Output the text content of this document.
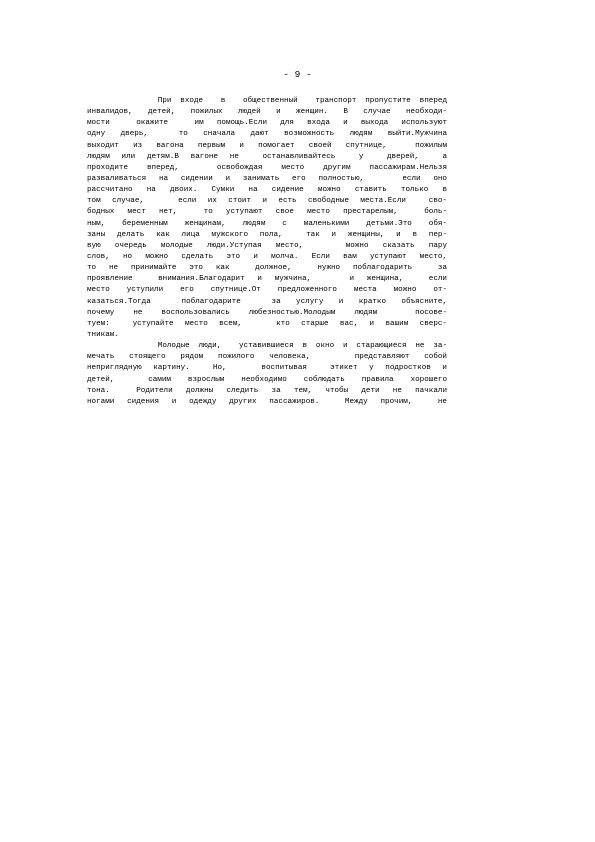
- 9 -
При входе  в  общественный  транспорт пропустите вперед
инвалидов, детей, пожилых людей и женщин. В случае необходи-
мости  окажите  им помощь.Если для входа и выхода используют
одну дверь,  то сначала дают возможность людям выйти.Мужчина
выходит из вагона первым и помогает своей спутнице,  пожилым
людям или детям.В вагоне не  останавливайтесь  у  дверей,  а
проходите вперед,  освобождая место другим пассажирам.Нельзя
разваливаться на сидении и занимать его полностью,   если оно
рассчитано на двоих. Сумки на сидение можно ставить только в
том случае,   если их стоит и есть свободные места.Если  сво-
бодных мест нет,  то уступают свое место престарелым,  боль-
ным, беременным женщинам, людям с маленькими детьми.Это обя-
заны делать как лица мужского пола,  так и женщины, и в пер-
вую очередь молодые люди.Уступая место,   можно сказать пару
слов, но можно сделать это и молча. Если вам уступают место,
то не принимайте это как  должное,  нужно поблагодарить  за
проявление  внимания.Благодарит и мужчина,   и женщина,  если
место уступили его спутнице.От предложенного места можно от-
казаться.Тогда  поблагодарите  за услугу и кратко объясните,
почему не воспользовались любезностью.Молодым людям  посове-
туем:  уступайте место всем,   кто старше вас, и вашим сверс-
тникам.
Молодые люди,  уставившиеся в окно и старающиеся не за-
мечать стоящего рядом пожилого человека,   представляют собой
неприглядную картину.  Но,   воспитывая  этикет у подростков и
детей,  самим взрослым необходимо соблюдать правила хорошего
тона.  Родители должны следить за тем, чтобы дети не пачкали
ногами сидения и одежду других пассажиров.  Между прочим,  не
